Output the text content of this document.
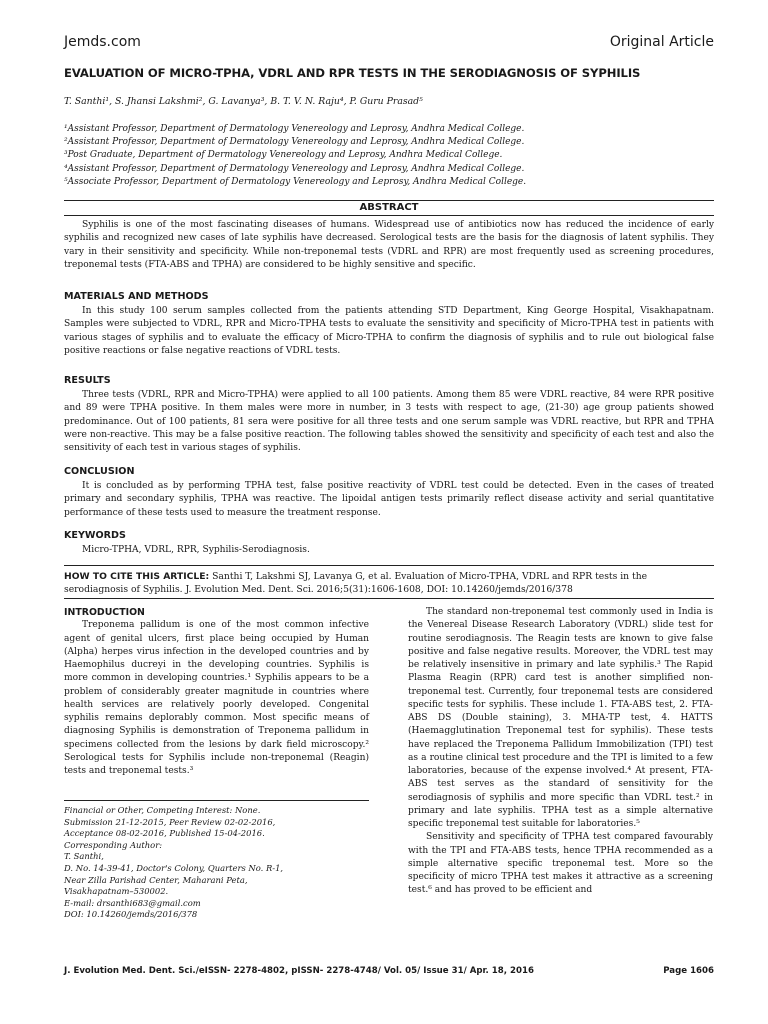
Jemds.com	Original Article
EVALUATION OF MICRO-TPHA, VDRL AND RPR TESTS IN THE SERODIAGNOSIS OF SYPHILIS
T. Santhi¹, S. Jhansi Lakshmi², G. Lavanya³, B. T. V. N. Raju⁴, P. Guru Prasad⁵
¹Assistant Professor, Department of Dermatology Venereology and Leprosy, Andhra Medical College.
²Assistant Professor, Department of Dermatology Venereology and Leprosy, Andhra Medical College.
³Post Graduate, Department of Dermatology Venereology and Leprosy, Andhra Medical College.
⁴Assistant Professor, Department of Dermatology Venereology and Leprosy, Andhra Medical College.
⁵Associate Professor, Department of Dermatology Venereology and Leprosy, Andhra Medical College.
ABSTRACT
Syphilis is one of the most fascinating diseases of humans. Widespread use of antibiotics now has reduced the incidence of early syphilis and recognized new cases of late syphilis have decreased. Serological tests are the basis for the diagnosis of latent syphilis. They vary in their sensitivity and specificity. While non-treponemal tests (VDRL and RPR) are most frequently used as screening procedures, treponemal tests (FTA-ABS and TPHA) are considered to be highly sensitive and specific.
MATERIALS AND METHODS
In this study 100 serum samples collected from the patients attending STD Department, King George Hospital, Visakhapatnam. Samples were subjected to VDRL, RPR and Micro-TPHA tests to evaluate the sensitivity and specificity of Micro-TPHA test in patients with various stages of syphilis and to evaluate the efficacy of Micro-TPHA to confirm the diagnosis of syphilis and to rule out biological false positive reactions or false negative reactions of VDRL tests.
RESULTS
Three tests (VDRL, RPR and Micro-TPHA) were applied to all 100 patients. Among them 85 were VDRL reactive, 84 were RPR positive and 89 were TPHA positive. In them males were more in number, in 3 tests with respect to age, (21-30) age group patients showed predominance. Out of 100 patients, 81 sera were positive for all three tests and one serum sample was VDRL reactive, but RPR and TPHA were non-reactive. This may be a false positive reaction. The following tables showed the sensitivity and specificity of each test and also the sensitivity of each test in various stages of syphilis.
CONCLUSION
It is concluded as by performing TPHA test, false positive reactivity of VDRL test could be detected. Even in the cases of treated primary and secondary syphilis, TPHA was reactive. The lipoidal antigen tests primarily reflect disease activity and serial quantitative performance of these tests used to measure the treatment response.
KEYWORDS
Micro-TPHA, VDRL, RPR, Syphilis-Serodiagnosis.
HOW TO CITE THIS ARTICLE: Santhi T, Lakshmi SJ, Lavanya G, et al. Evaluation of Micro-TPHA, VDRL and RPR tests in the serodiagnosis of Syphilis. J. Evolution Med. Dent. Sci. 2016;5(31):1606-1608, DOI: 10.14260/jemds/2016/378
INTRODUCTION

Treponema pallidum is one of the most common infective agent of genital ulcers, first place being occupied by Human (Alpha) herpes virus infection in the developed countries and by Haemophilus ducreyi in the developing countries. Syphilis is more common in developing countries.¹ Syphilis appears to be a problem of considerably greater magnitude in countries where health services are relatively poorly developed. Congenital syphilis remains deplorably common. Most specific means of diagnosing Syphilis is demonstration of Treponema pallidum in specimens collected from the lesions by dark field microscopy.² Serological tests for Syphilis include non-treponemal (Reagin) tests and treponemal tests.³

The standard non-treponemal test commonly used in India is the Venereal Disease Research Laboratory (VDRL) slide test for routine serodiagnosis. The Reagin tests are known to give false positive and false negative results. Moreover, the VDRL test may be relatively insensitive in primary and late syphilis.³ The Rapid Plasma Reagin (RPR) card test is another simplified non-treponemal test. Currently, four treponemal tests are considered specific tests for syphilis. These include 1. FTA-ABS test, 2. FTA-ABS DS (Double staining), 3. MHA-TP test, 4. HATTS (Haemagglutination Treponemal test for syphilis). These tests have replaced the Treponema Pallidum Immobilization (TPI) test as a routine clinical test procedure and the TPI is limited to a few laboratories, because of the expense involved.⁴ At present, FTA-ABS test serves as the standard of sensitivity for the serodiagnosis of syphilis and more specific than VDRL test.² in primary and late syphilis. TPHA test as a simple alternative specific treponemal test suitable for laboratories.⁵

Sensitivity and specificity of TPHA test compared favourably with the TPI and FTA-ABS tests, hence TPHA recommended as a simple alternative specific treponemal test. More so the specificity of micro TPHA test makes it attractive as a screening test.⁶ and has proved to be efficient and

Financial or Other, Competing Interest: None.
Submission 21-12-2015, Peer Review 02-02-2016,
Acceptance 08-02-2016, Published 15-04-2016.
Corresponding Author:
T. Santhi,
D. No. 14-39-41, Doctor's Colony, Quarters No. R-1,
Near Zilla Parishad Center, Maharani Peta,
Visakhapatnam–530002.
E-mail: drsanthi683@gmail.com
DOI: 10.14260/jemds/2016/378
J. Evolution Med. Dent. Sci./eISSN- 2278-4802, pISSN- 2278-4748/ Vol. 05/ Issue 31/ Apr. 18, 2016	Page 1606
